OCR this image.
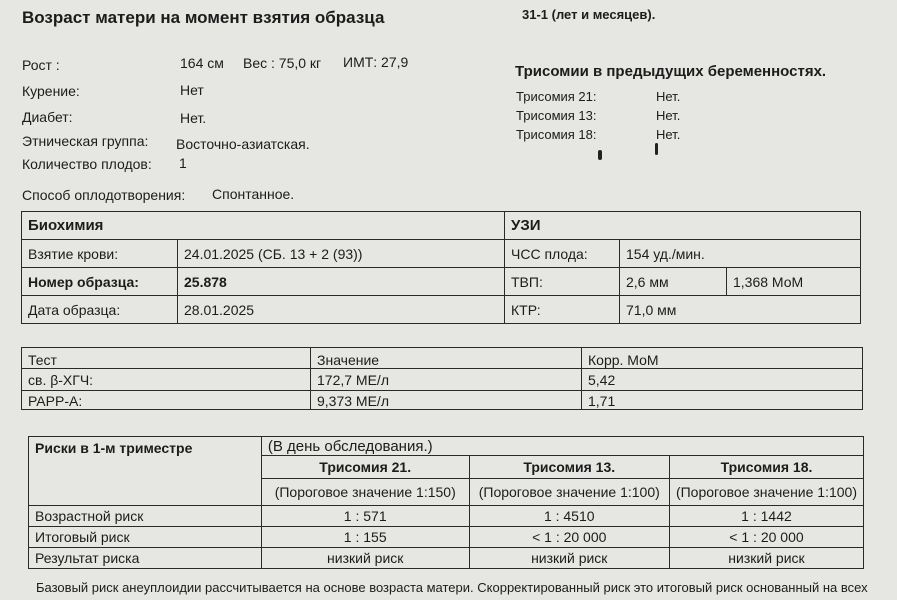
Возраст матери на момент взятия образца	31-1 (лет и месяцев).
Рост :	164 см Вес : 75,0 кг ИМТ: 27,9
Курение:	Нет
Диабет:	Нет.
Этническая группа: Восточно-азиатская.
Количество плодов: 1
Способ оплодотворения: Спонтанное.
Трисомии в предыдущих беременностях.
Трисомия 21:	Нет.
Трисомия 13:	Нет.
Трисомия 18:	Нет.
Биохимия		УЗИ		
Взятие крови:	24.01.2025 (СБ. 13 + 2 (93))	ЧСС плода:	154 уд./мин.	
Номер образца:	25.878	ТВП:	2,6 мм	1,368 МоМ
Дата образца:	28.01.2025	КТР:	71,0 мм	
Тест	Значение	Корр. МоМ
св. β-ХГЧ:	172,7 МЕ/л	5,42
PAPP-A:	9,373 МЕ/л	1,71
Риски в 1-м триместре	(В день обследования.)		
	Трисомия 21.	Трисомия 13.	Трисомия 18.
	(Пороговое значение 1:150)	(Пороговое значение 1:100)	(Пороговое значение 1:100)
Возрастной риск	1 : 571	1 : 4510	1 : 1442
Итоговый риск	1 : 155	< 1 : 20 000	< 1 : 20 000
Результат риска	низкий риск	низкий риск	низкий риск
Базовый риск анеуплоидии рассчитывается на основе возраста матери. Скорректированный риск это итоговый риск основанный на всех
